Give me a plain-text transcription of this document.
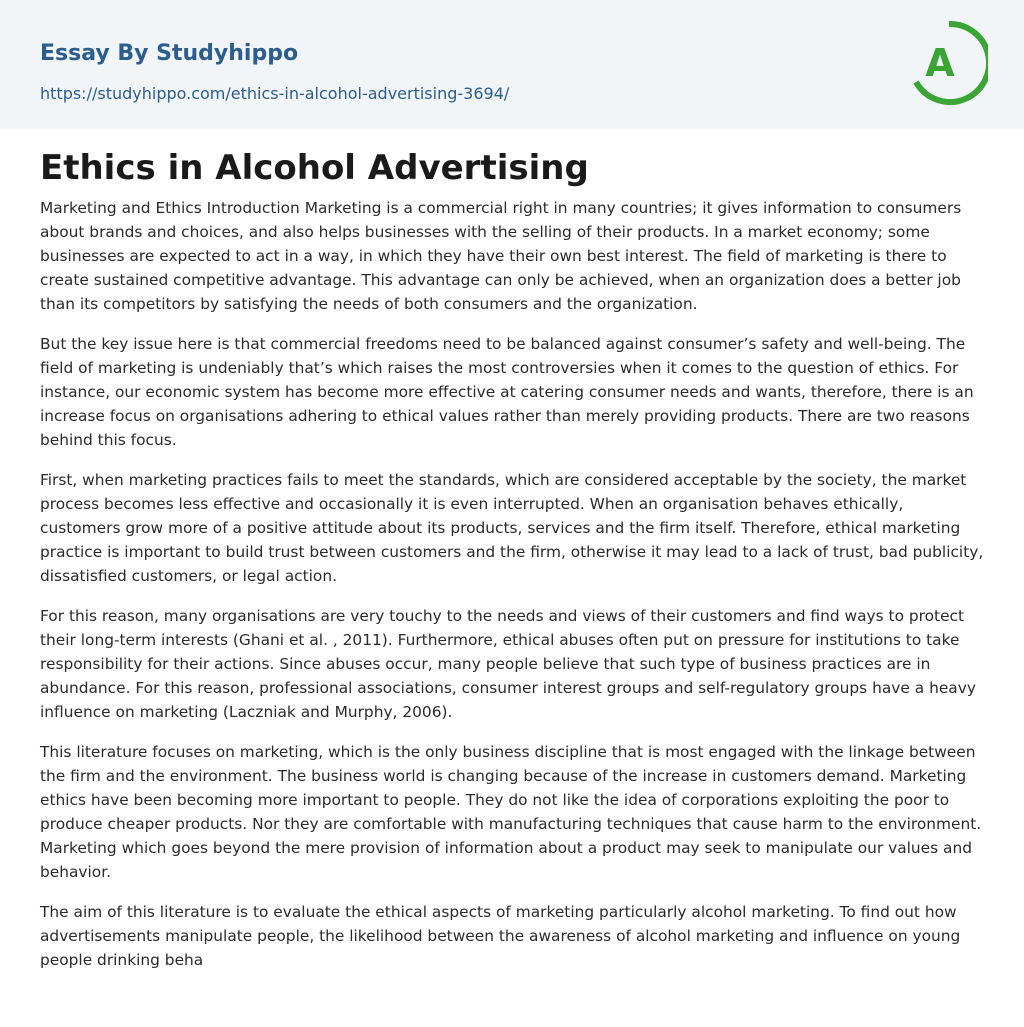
Essay By Studyhippo
https://studyhippo.com/ethics-in-alcohol-advertising-3694/
A
Ethics in Alcohol Advertising

Marketing and Ethics Introduction Marketing is a commercial right in many countries; it gives information to consumers about brands and choices, and also helps businesses with the selling of their products. In a market economy; some businesses are expected to act in a way, in which they have their own best interest. The field of marketing is there to create sustained competitive advantage. This advantage can only be achieved, when an organization does a better job than its competitors by satisfying the needs of both consumers and the organization.

But the key issue here is that commercial freedoms need to be balanced against consumer’s safety and well-being. The field of marketing is undeniably that’s which raises the most controversies when it comes to the question of ethics. For instance, our economic system has become more effective at catering consumer needs and wants, therefore, there is an increase focus on organisations adhering to ethical values rather than merely providing products. There are two reasons behind this focus.

First, when marketing practices fails to meet the standards, which are considered acceptable by the society, the market process becomes less effective and occasionally it is even interrupted. When an organisation behaves ethically, customers grow more of a positive attitude about its products, services and the firm itself. Therefore, ethical marketing practice is important to build trust between customers and the firm, otherwise it may lead to a lack of trust, bad publicity, dissatisfied customers, or legal action.

For this reason, many organisations are very touchy to the needs and views of their customers and find ways to protect their long-term interests (Ghani et al. , 2011). Furthermore, ethical abuses often put on pressure for institutions to take responsibility for their actions. Since abuses occur, many people believe that such type of business practices are in abundance. For this reason, professional associations, consumer interest groups and self-regulatory groups have a heavy influence on marketing (Laczniak and Murphy, 2006).

This literature focuses on marketing, which is the only business discipline that is most engaged with the linkage between the firm and the environment. The business world is changing because of the increase in customers demand. Marketing ethics have been becoming more important to people. They do not like the idea of corporations exploiting the poor to produce cheaper products. Nor they are comfortable with manufacturing techniques that cause harm to the environment. Marketing which goes beyond the mere provision of information about a product may seek to manipulate our values and behavior.

The aim of this literature is to evaluate the ethical aspects of marketing particularly alcohol marketing. To find out how advertisements manipulate people, the likelihood between the awareness of alcohol marketing and influence on young people drinking beha
